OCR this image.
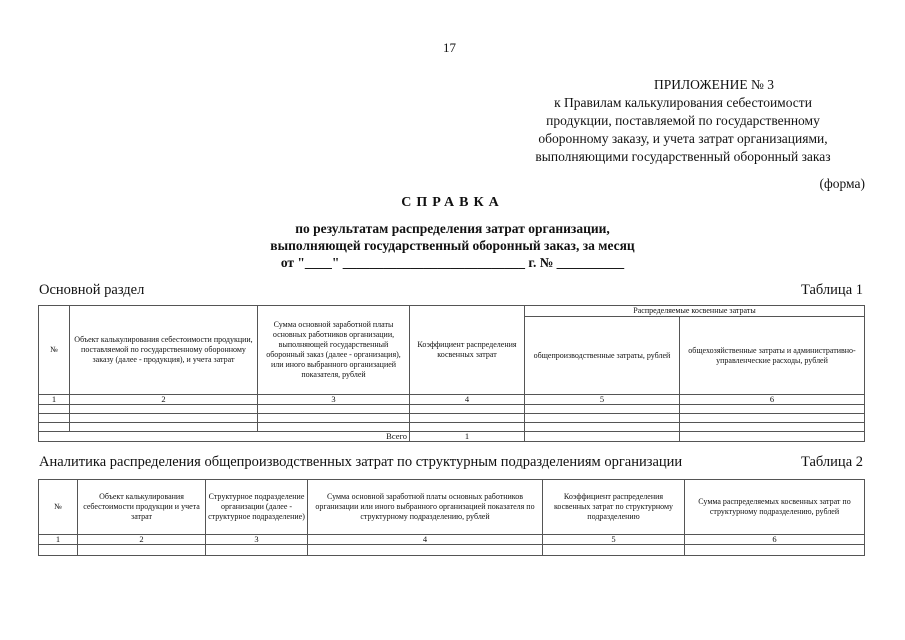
17
ПРИЛОЖЕНИЕ № 3
к Правилам калькулирования себестоимости
продукции, поставляемой по государственному
оборонному заказу, и учета затрат организациями,
выполняющими государственный оборонный заказ
(форма)
СПРАВКА
по результатам распределения затрат организации,
выполняющей государственный оборонный заказ, за месяц
от "____" ___________________________ г. № __________
Основной раздел	Таблица 1
№	Объект калькулирования себестоимости продукции, поставляемой по государственному оборонному заказу (далее - продукция), и учета затрат	Сумма основной заработной платы основных работников организации, выполняющей государственный оборонный заказ (далее - организация), или иного выбранного организацией показателя, рублей	Коэффициент распределения косвенных затрат	Распределяемые косвенные затраты	
				общепроизводственные затраты, рублей	общехозяйственные затраты и административно-управленческие расходы, рублей
1	2	3	4	5	6

Всего			1		
Аналитика распределения общепроизводственных затрат по структурным подразделениям организации	Таблица 2
№	Объект калькулирования себестоимости продукции и учета затрат	Структурное подразделение организации (далее - структурное подразделение)	Сумма основной заработной платы основных работников организации или иного выбранного организацией показателя по структурному подразделению, рублей	Коэффициент распределения косвенных затрат по структурному подразделению	Сумма распределяемых косвенных затрат по структурному подразделению, рублей
1	2	3	4	5	6
